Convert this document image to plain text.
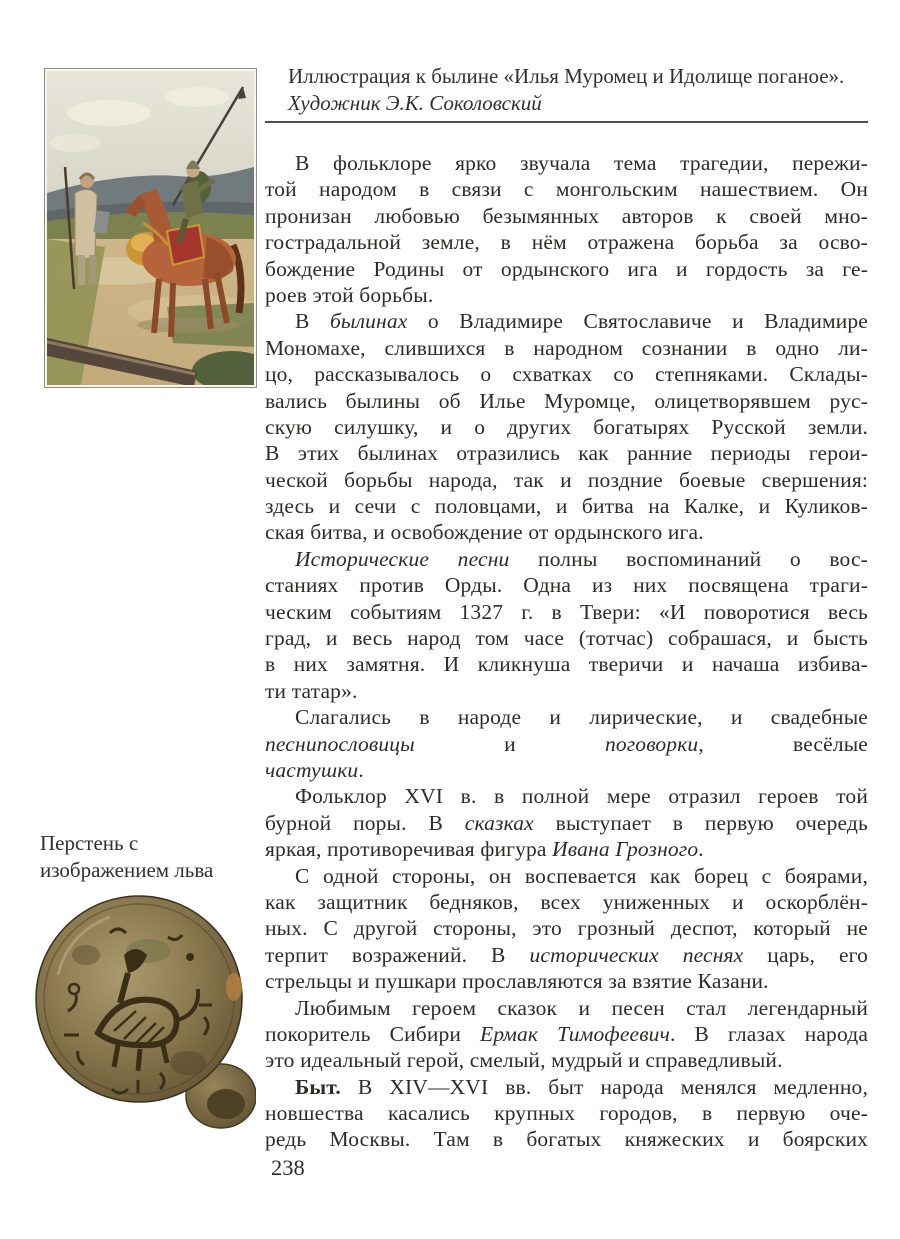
Иллюстрация к былине «Илья Муромец и Идолище поганое».
Художник Э.К. Соколовский
В фольклоре ярко звучала тема трагедии, пережи-
той народом в связи с монгольским нашествием. Он
пронизан любовью безымянных авторов к своей мно-
гострадальной земле, в нём отражена борьба за осво-
бождение Родины от ордынского ига и гордость за ге-
роев этой борьбы.
В былинах о Владимире Святославиче и Владимире
Мономахе, слившихся в народном сознании в одно ли-
цо, рассказывалось о схватках со степняками. Склады-
вались былины об Илье Муромце, олицетворявшем рус-
скую силушку, и о других богатырях Русской земли.
В этих былинах отразились как ранние периоды герои-
ческой борьбы народа, так и поздние боевые свершения:
здесь и сечи с половцами, и битва на Калке, и Куликов-
ская битва, и освобождение от ордынского ига.
Исторические песни полны воспоминаний о вос-
станиях против Орды. Одна из них посвящена траги-
ческим событиям 1327 г. в Твери: «И поворотися весь
град, и весь народ том часе (тотчас) собрашася, и бысть
в них замятня. И кликнуша тверичи и начаша избива-
ти татар».
Слагались в народе и лирические, и свадебные
песнипословицы и поговорки, весёлые
частушки.
Фольклор XVI в. в полной мере отразил героев той
бурной поры. В сказках выступает в первую очередь
яркая, противоречивая фигура Ивана Грозного.
С одной стороны, он воспевается как борец с боярами,
как защитник бедняков, всех униженных и оскорблён-
ных. С другой стороны, это грозный деспот, который не
терпит возражений. В исторических песнях царь, его
стрельцы и пушкари прославляются за взятие Казани.
Любимым героем сказок и песен стал легендарный
покоритель Сибири Ермак Тимофеевич. В глазах народа
это идеальный герой, смелый, мудрый и справедливый.
Быт. В XIV—XVI вв. быт народа менялся медленно,
новшества касались крупных городов, в первую оче-
редь Москвы. Там в богатых княжеских и боярских
Перстень с
изображением льва
238
